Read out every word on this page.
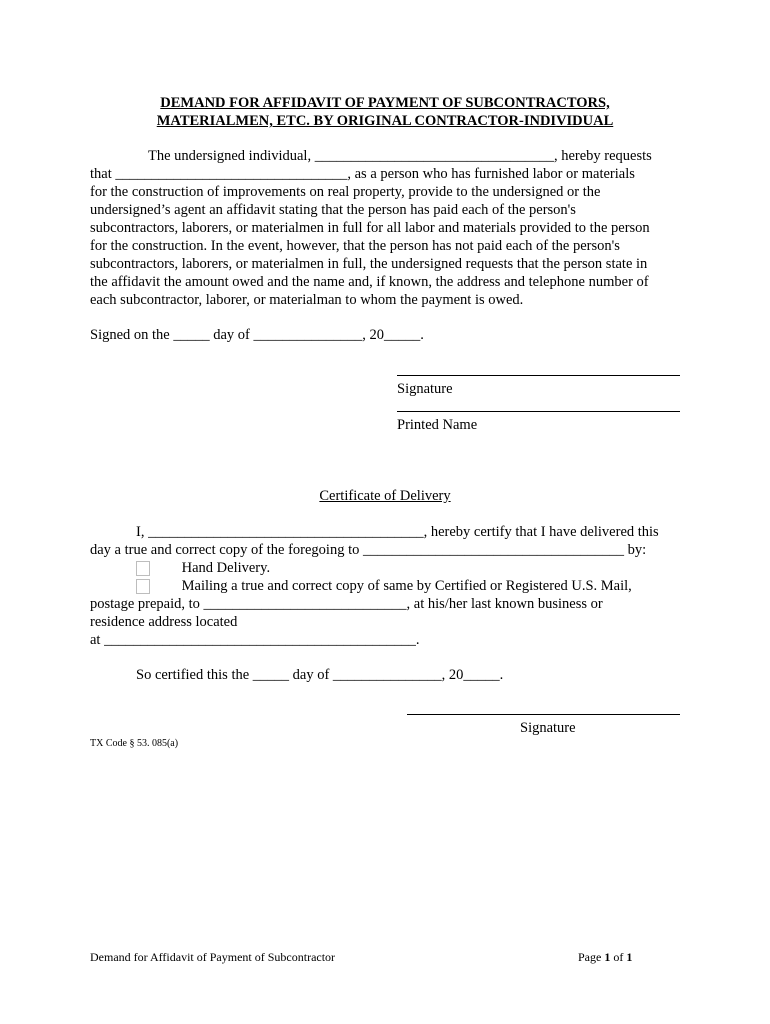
DEMAND FOR AFFIDAVIT OF PAYMENT OF SUBCONTRACTORS,
MATERIALMEN, ETC. BY ORIGINAL CONTRACTOR-INDIVIDUAL
The undersigned individual, _________________________________, hereby requests
that ________________________________, as a person who has furnished labor or materials
for the construction of improvements on real property, provide to the undersigned or the
undersigned’s agent an affidavit stating that the person has paid each of the person's
subcontractors, laborers, or materialmen in full for all labor and materials provided to the person
for the construction. In the event, however, that the person has not paid each of the person's
subcontractors, laborers, or materialmen in full, the undersigned requests that the person state in
the affidavit the amount owed and the name and, if known, the address and telephone number of
each subcontractor, laborer, or materialman to whom the payment is owed.
Signed on the _____ day of _______________, 20_____.
Signature
Printed Name
Certificate of Delivery
I, ______________________________________, hereby certify that I have delivered this
day a true and correct copy of the foregoing to ____________________________________ by:
Hand Delivery.
Mailing a true and correct copy of same by Certified or Registered U.S. Mail,
postage prepaid, to ____________________________, at his/her last known business or
residence address located
at ___________________________________________.
So certified this the _____ day of _______________, 20_____.
Signature
TX Code § 53. 085(a)
Demand for Affidavit of Payment of Subcontractor	Page 1 of 1
